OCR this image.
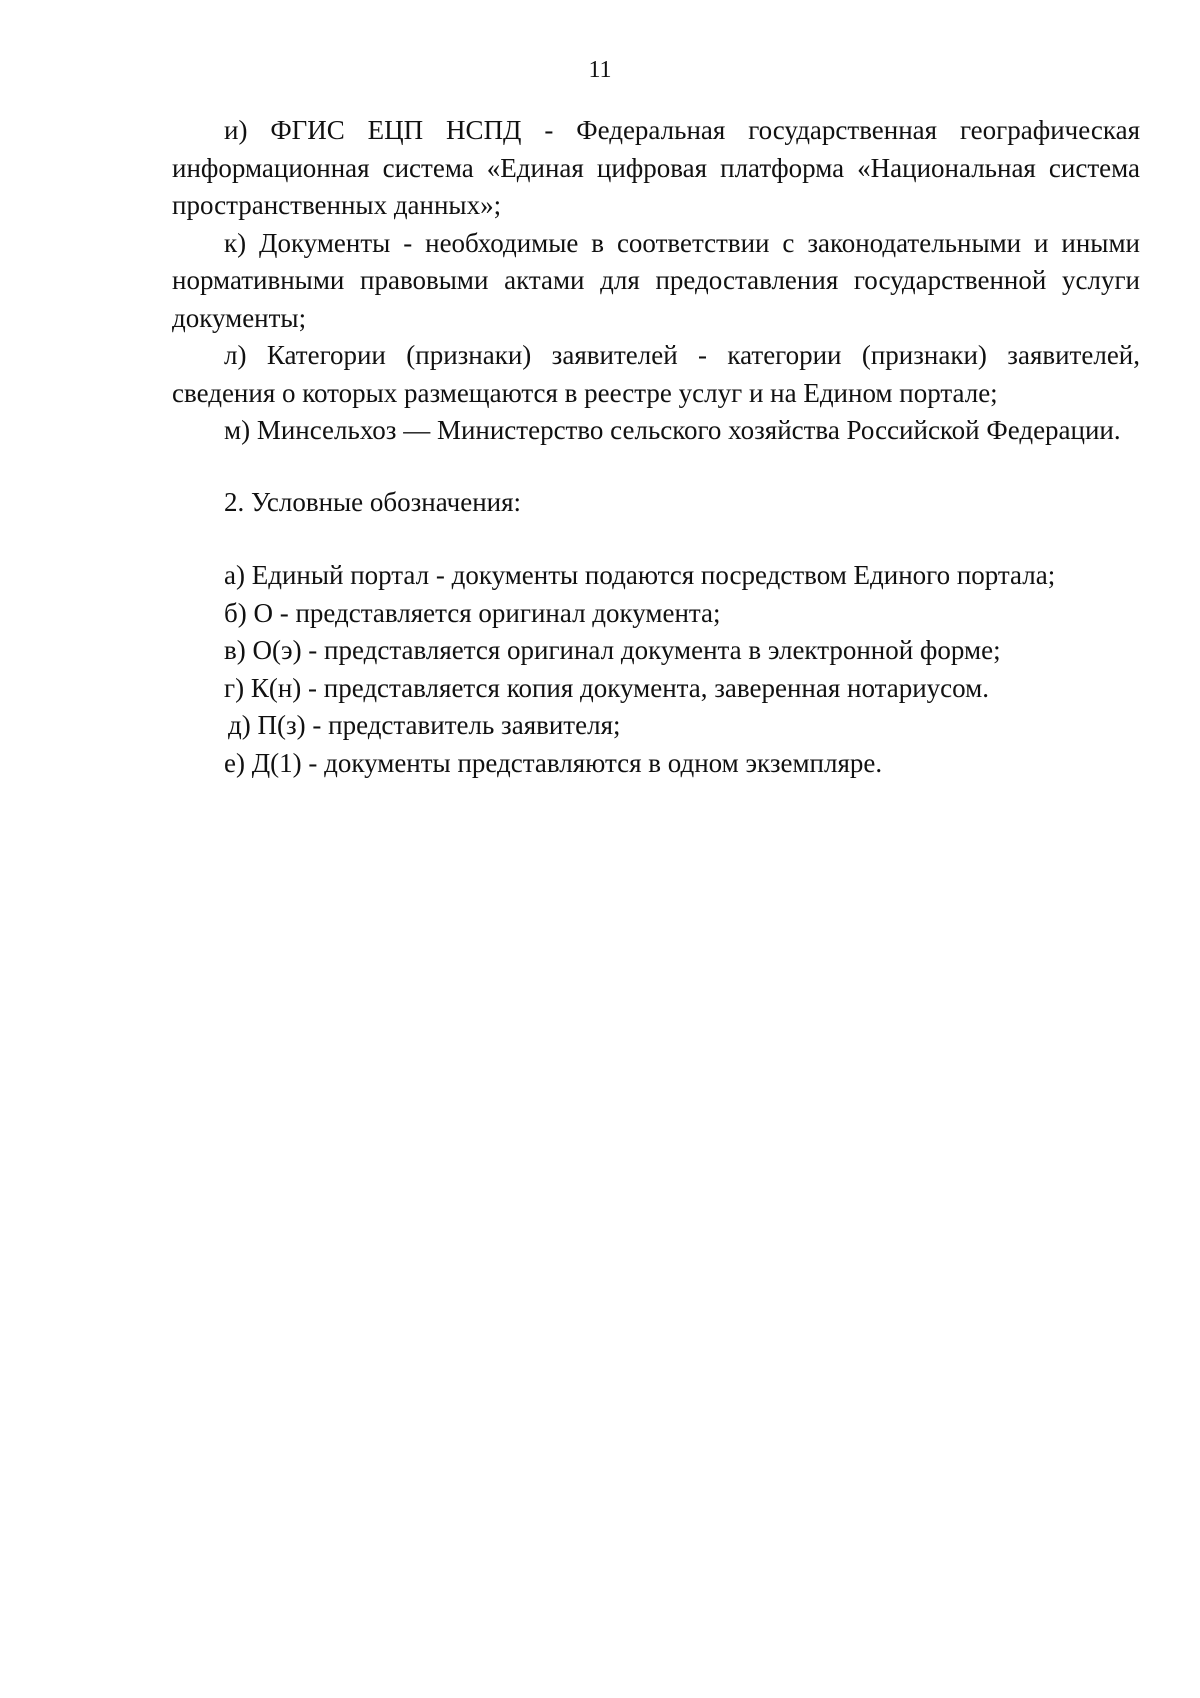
11

и) ФГИС ЕЦП НСПД - Федеральная государственная географическая информационная система «Единая цифровая платформа «Национальная система пространственных данных»;

к) Документы - необходимые в соответствии с законодательными и иными нормативными правовыми актами для предоставления государственной услуги документы;

л) Категории (признаки) заявителей - категории (признаки) заявителей, сведения о которых размещаются в реестре услуг и на Едином портале;

м) Минсельхоз — Министерство сельского хозяйства Российской Федерации.

2. Условные обозначения:

а) Единый портал - документы подаются посредством Единого портала;
б) О - представляется оригинал документа;
в) О(э) - представляется оригинал документа в электронной форме;
г) К(н) - представляется копия документа, заверенная нотариусом.
д) П(з) - представитель заявителя;
е) Д(1) - документы представляются в одном экземпляре.
